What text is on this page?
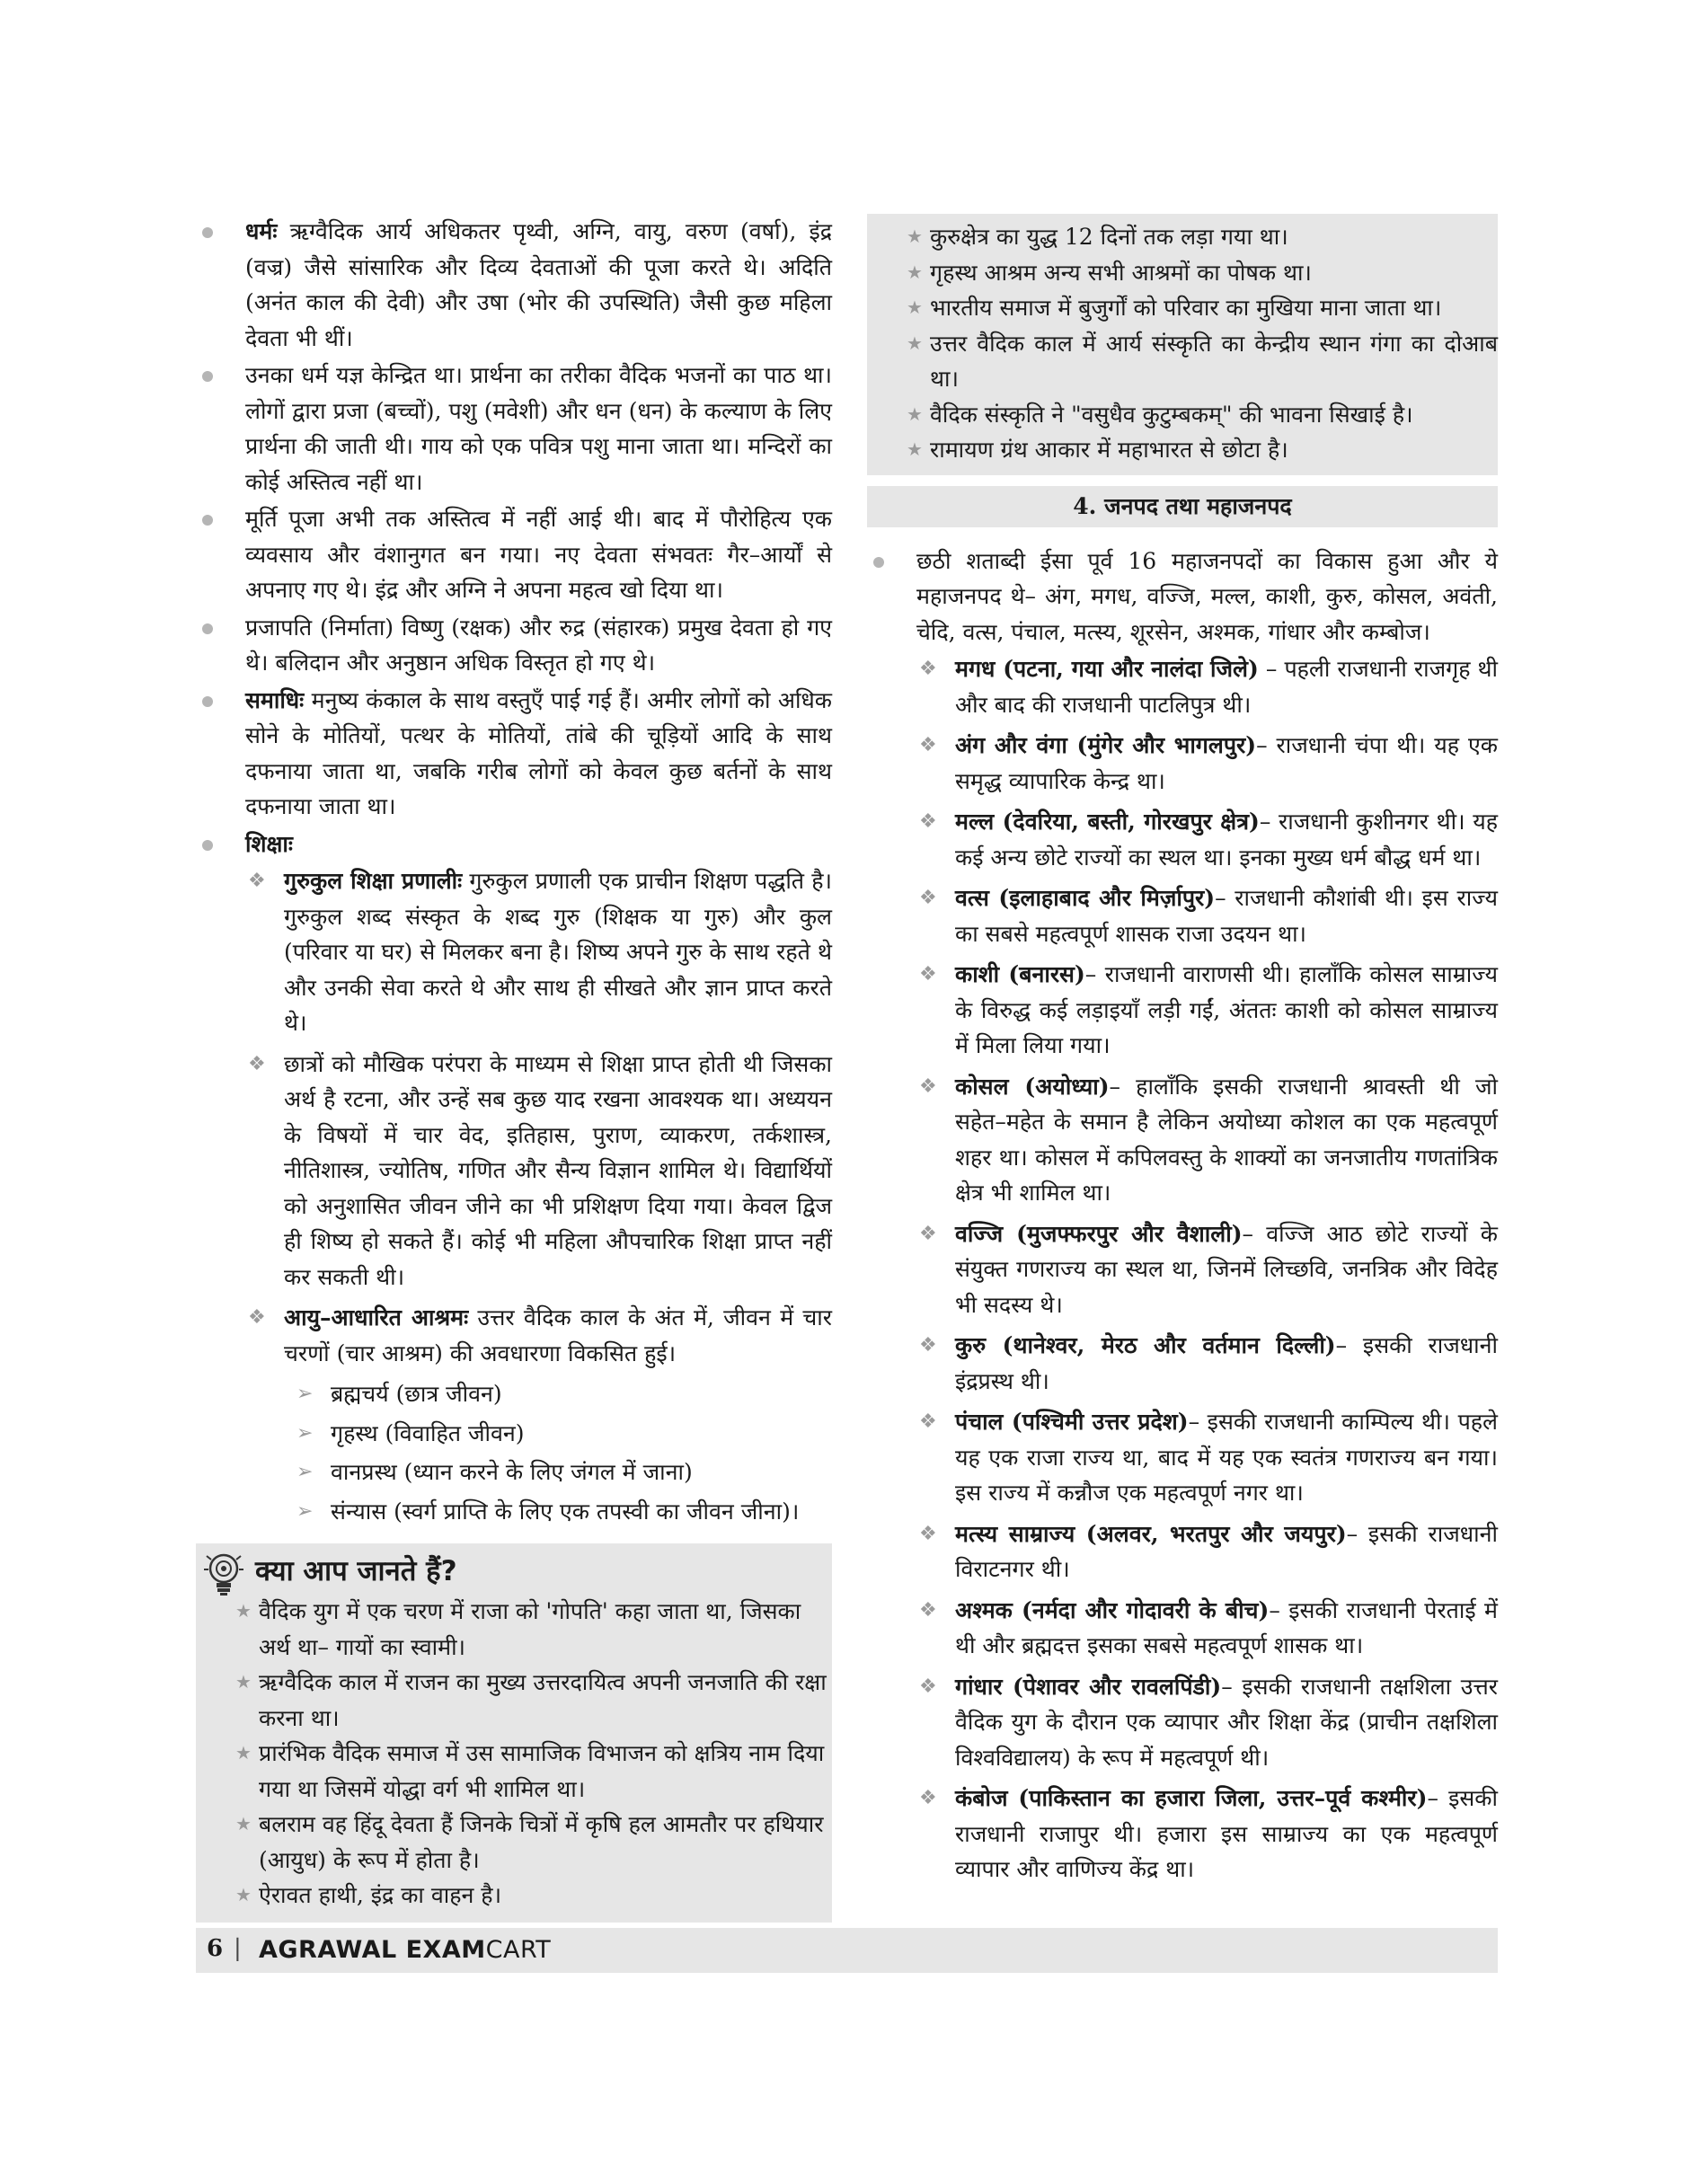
धर्मः ऋग्वैदिक आर्य अधिकतर पृथ्वी, अग्नि, वायु, वरुण (वर्षा), इंद्र (वज्र) जैसे सांसारिक और दिव्य देवताओं की पूजा करते थे। अदिति (अनंत काल की देवी) और उषा (भोर की उपस्थिति) जैसी कुछ महिला देवता भी थीं।
उनका धर्म यज्ञ केन्द्रित था। प्रार्थना का तरीका वैदिक भजनों का पाठ था। लोगों द्वारा प्रजा (बच्चों), पशु (मवेशी) और धन (धन) के कल्याण के लिए प्रार्थना की जाती थी। गाय को एक पवित्र पशु माना जाता था। मन्दिरों का कोई अस्तित्व नहीं था।
मूर्ति पूजा अभी तक अस्तित्व में नहीं आई थी। बाद में पौरोहित्य एक व्यवसाय और वंशानुगत बन गया। नए देवता संभवतः गैर–आर्यों से अपनाए गए थे। इंद्र और अग्नि ने अपना महत्व खो दिया था।
प्रजापति (निर्माता) विष्णु (रक्षक) और रुद्र (संहारक) प्रमुख देवता हो गए थे। बलिदान और अनुष्ठान अधिक विस्तृत हो गए थे।
समाधिः मनुष्य कंकाल के साथ वस्तुएँ पाई गई हैं। अमीर लोगों को अधिक सोने के मोतियों, पत्थर के मोतियों, तांबे की चूड़ियों आदि के साथ दफनाया जाता था, जबकि गरीब लोगों को केवल कुछ बर्तनों के साथ दफनाया जाता था।
शिक्षाः
❖ गुरुकुल शिक्षा प्रणालीः गुरुकुल प्रणाली एक प्राचीन शिक्षण पद्धति है। गुरुकुल शब्द संस्कृत के शब्द गुरु (शिक्षक या गुरु) और कुल (परिवार या घर) से मिलकर बना है। शिष्य अपने गुरु के साथ रहते थे और उनकी सेवा करते थे और साथ ही सीखते और ज्ञान प्राप्त करते थे।
❖ छात्रों को मौखिक परंपरा के माध्यम से शिक्षा प्राप्त होती थी जिसका अर्थ है रटना, और उन्हें सब कुछ याद रखना आवश्यक था। अध्ययन के विषयों में चार वेद, इतिहास, पुराण, व्याकरण, तर्कशास्त्र, नीतिशास्त्र, ज्योतिष, गणित और सैन्य विज्ञान शामिल थे। विद्यार्थियों को अनुशासित जीवन जीने का भी प्रशिक्षण दिया गया। केवल द्विज ही शिष्य हो सकते हैं। कोई भी महिला औपचारिक शिक्षा प्राप्त नहीं कर सकती थी।
❖ आयु–आधारित आश्रमः उत्तर वैदिक काल के अंत में, जीवन में चार चरणों (चार आश्रम) की अवधारणा विकसित हुई।
➢ ब्रह्मचर्य (छात्र जीवन)
➢ गृहस्थ (विवाहित जीवन)
➢ वानप्रस्थ (ध्यान करने के लिए जंगल में जाना)
➢ संन्यास (स्वर्ग प्राप्ति के लिए एक तपस्वी का जीवन जीना)।
क्या आप जानते हैं?
★ वैदिक युग में एक चरण में राजा को 'गोपति' कहा जाता था, जिसका अर्थ था– गायों का स्वामी।
★ ऋग्वैदिक काल में राजन का मुख्य उत्तरदायित्व अपनी जनजाति की रक्षा करना था।
★ प्रारंभिक वैदिक समाज में उस सामाजिक विभाजन को क्षत्रिय नाम दिया गया था जिसमें योद्धा वर्ग भी शामिल था।
★ बलराम वह हिंदू देवता हैं जिनके चित्रों में कृषि हल आमतौर पर हथियार (आयुध) के रूप में होता है।
★ ऐरावत हाथी, इंद्र का वाहन है।
★ कुरुक्षेत्र का युद्ध 12 दिनों तक लड़ा गया था।
★ गृहस्थ आश्रम अन्य सभी आश्रमों का पोषक था।
★ भारतीय समाज में बुजुर्गों को परिवार का मुखिया माना जाता था।
★ उत्तर वैदिक काल में आर्य संस्कृति का केन्द्रीय स्थान गंगा का दोआब था।
★ वैदिक संस्कृति ने "वसुधैव कुटुम्बकम्" की भावना सिखाई है।
★ रामायण ग्रंथ आकार में महाभारत से छोटा है।
4. जनपद तथा महाजनपद
छठी शताब्दी ईसा पूर्व 16 महाजनपदों का विकास हुआ और ये महाजनपद थे– अंग, मगध, वज्जि, मल्ल, काशी, कुरु, कोसल, अवंती, चेदि, वत्स, पंचाल, मत्स्य, शूरसेन, अश्मक, गांधार और कम्बोज।
❖ मगध (पटना, गया और नालंदा जिले) – पहली राजधानी राजगृह थी और बाद की राजधानी पाटलिपुत्र थी।
❖ अंग और वंगा (मुंगेर और भागलपुर)– राजधानी चंपा थी। यह एक समृद्ध व्यापारिक केन्द्र था।
❖ मल्ल (देवरिया, बस्ती, गोरखपुर क्षेत्र)– राजधानी कुशीनगर थी। यह कई अन्य छोटे राज्यों का स्थल था। इनका मुख्य धर्म बौद्ध धर्म था।
❖ वत्स (इलाहाबाद और मिर्ज़ापुर)– राजधानी कौशांबी थी। इस राज्य का सबसे महत्वपूर्ण शासक राजा उदयन था।
❖ काशी (बनारस)– राजधानी वाराणसी थी। हालाँकि कोसल साम्राज्य के विरुद्ध कई लड़ाइयाँ लड़ी गईं, अंततः काशी को कोसल साम्राज्य में मिला लिया गया।
❖ कोसल (अयोध्या)– हालाँकि इसकी राजधानी श्रावस्ती थी जो सहेत–महेत के समान है लेकिन अयोध्या कोशल का एक महत्वपूर्ण शहर था। कोसल में कपिलवस्तु के शाक्यों का जनजातीय गणतांत्रिक क्षेत्र भी शामिल था।
❖ वज्जि (मुजफ्फरपुर और वैशाली)– वज्जि आठ छोटे राज्यों के संयुक्त गणराज्य का स्थल था, जिनमें लिच्छवि, जनत्रिक और विदेह भी सदस्य थे।
❖ कुरु (थानेश्वर, मेरठ और वर्तमान दिल्ली)– इसकी राजधानी इंद्रप्रस्थ थी।
❖ पंचाल (पश्चिमी उत्तर प्रदेश)– इसकी राजधानी काम्पिल्य थी। पहले यह एक राजा राज्य था, बाद में यह एक स्वतंत्र गणराज्य बन गया। इस राज्य में कन्नौज एक महत्वपूर्ण नगर था।
❖ मत्स्य साम्राज्य (अलवर, भरतपुर और जयपुर)– इसकी राजधानी विराटनगर थी।
❖ अश्मक (नर्मदा और गोदावरी के बीच)– इसकी राजधानी पेरताई में थी और ब्रह्मदत्त इसका सबसे महत्वपूर्ण शासक था।
❖ गांधार (पेशावर और रावलपिंडी)– इसकी राजधानी तक्षशिला उत्तर वैदिक युग के दौरान एक व्यापार और शिक्षा केंद्र (प्राचीन तक्षशिला विश्वविद्यालय) के रूप में महत्वपूर्ण थी।
❖ कंबोज (पाकिस्तान का हजारा जिला, उत्तर–पूर्व कश्मीर)– इसकी राजधानी राजापुर थी। हजारा इस साम्राज्य का एक महत्वपूर्ण व्यापार और वाणिज्य केंद्र था।
6 | AGRAWAL EXAMCART
